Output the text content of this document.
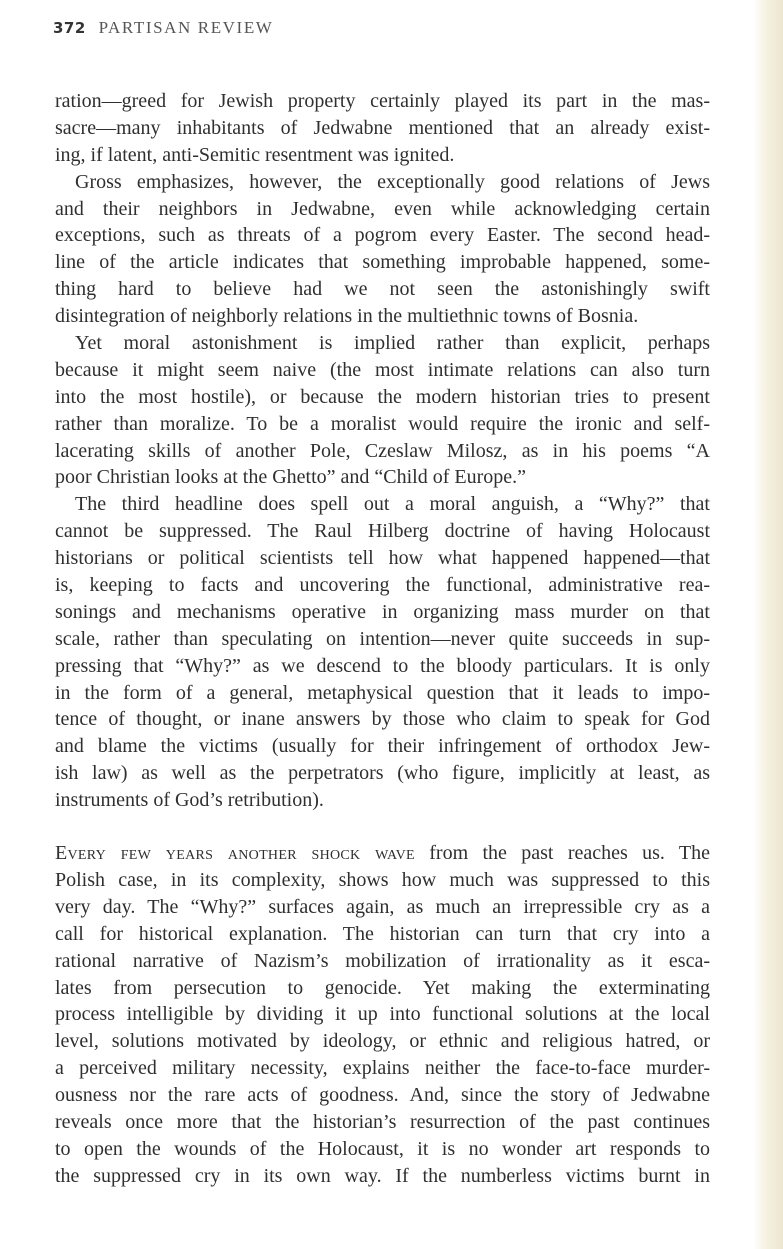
372 PARTISAN REVIEW
ration—greed for Jewish property certainly played its part in the mas-
sacre—many inhabitants of Jedwabne mentioned that an already exist-
ing, if latent, anti-Semitic resentment was ignited.
Gross emphasizes, however, the exceptionally good relations of Jews
and their neighbors in Jedwabne, even while acknowledging certain
exceptions, such as threats of a pogrom every Easter. The second head-
line of the article indicates that something improbable happened, some-
thing hard to believe had we not seen the astonishingly swift
disintegration of neighborly relations in the multiethnic towns of Bosnia.
Yet moral astonishment is implied rather than explicit, perhaps
because it might seem naive (the most intimate relations can also turn
into the most hostile), or because the modern historian tries to present
rather than moralize. To be a moralist would require the ironic and self-
lacerating skills of another Pole, Czeslaw Milosz, as in his poems “A
poor Christian looks at the Ghetto” and “Child of Europe.”
The third headline does spell out a moral anguish, a “Why?” that
cannot be suppressed. The Raul Hilberg doctrine of having Holocaust
historians or political scientists tell how what happened happened—that
is, keeping to facts and uncovering the functional, administrative rea-
sonings and mechanisms operative in organizing mass murder on that
scale, rather than speculating on intention—never quite succeeds in sup-
pressing that “Why?” as we descend to the bloody particulars. It is only
in the form of a general, metaphysical question that it leads to impo-
tence of thought, or inane answers by those who claim to speak for God
and blame the victims (usually for their infringement of orthodox Jew-
ish law) as well as the perpetrators (who figure, implicitly at least, as
instruments of God’s retribution).
Every few years another shock wave from the past reaches us. The
Polish case, in its complexity, shows how much was suppressed to this
very day. The “Why?” surfaces again, as much an irrepressible cry as a
call for historical explanation. The historian can turn that cry into a
rational narrative of Nazism’s mobilization of irrationality as it esca-
lates from persecution to genocide. Yet making the exterminating
process intelligible by dividing it up into functional solutions at the local
level, solutions motivated by ideology, or ethnic and religious hatred, or
a perceived military necessity, explains neither the face-to-face murder-
ousness nor the rare acts of goodness. And, since the story of Jedwabne
reveals once more that the historian’s resurrection of the past continues
to open the wounds of the Holocaust, it is no wonder art responds to
the suppressed cry in its own way. If the numberless victims burnt in
